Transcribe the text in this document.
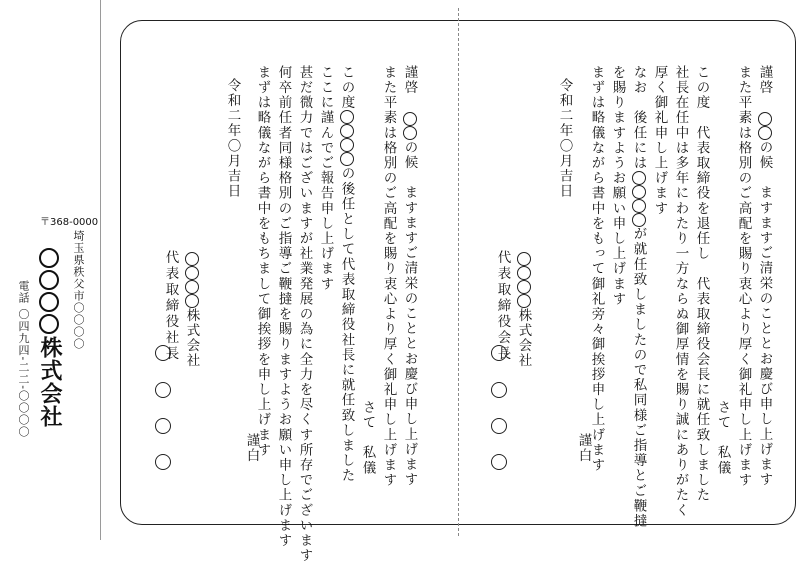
〒368-0000
埼玉県秩父市〇〇〇〇
株式会社
電話 〇四九四-二二-〇〇〇〇
謹啓
の候　ますますご清栄のこととお慶び申し上げます
また平素は格別のご高配を賜り衷心より厚く御礼申し上げます
さて　私儀
この度　代表取締役を退任し　代表取締役会長に就任致しました
社長在任中は多年にわたり一方ならぬ御厚情を賜り誠にありがたく
厚く御礼申し上げます
なお　後任にはが就任致しましたので私同様ご指導とご鞭撻
を賜りますようお願い申し上げます
まずは略儀ながら書中をもって御礼旁々御挨拶申し上げます
令和二年〇月吉日
株式会社
代表取締役会長
謹白
謹啓
の候　ますますご清栄のこととお慶び申し上げます
また平素は格別のご高配を賜り衷心より厚く御礼申し上げます
さて　私儀
この度の後任として代表取締役社長に就任致しました
ここに謹んでご報告申し上げます
甚だ微力ではございますが社業発展の為に全力を尽くす所存でございます
何卒前任者同様格別のご指導ご鞭撻を賜りますようお願い申し上げます
まずは略儀ながら書中をもちまして御挨拶を申し上げます
令和二年〇月吉日
株式会社
代表取締役社長
謹白
